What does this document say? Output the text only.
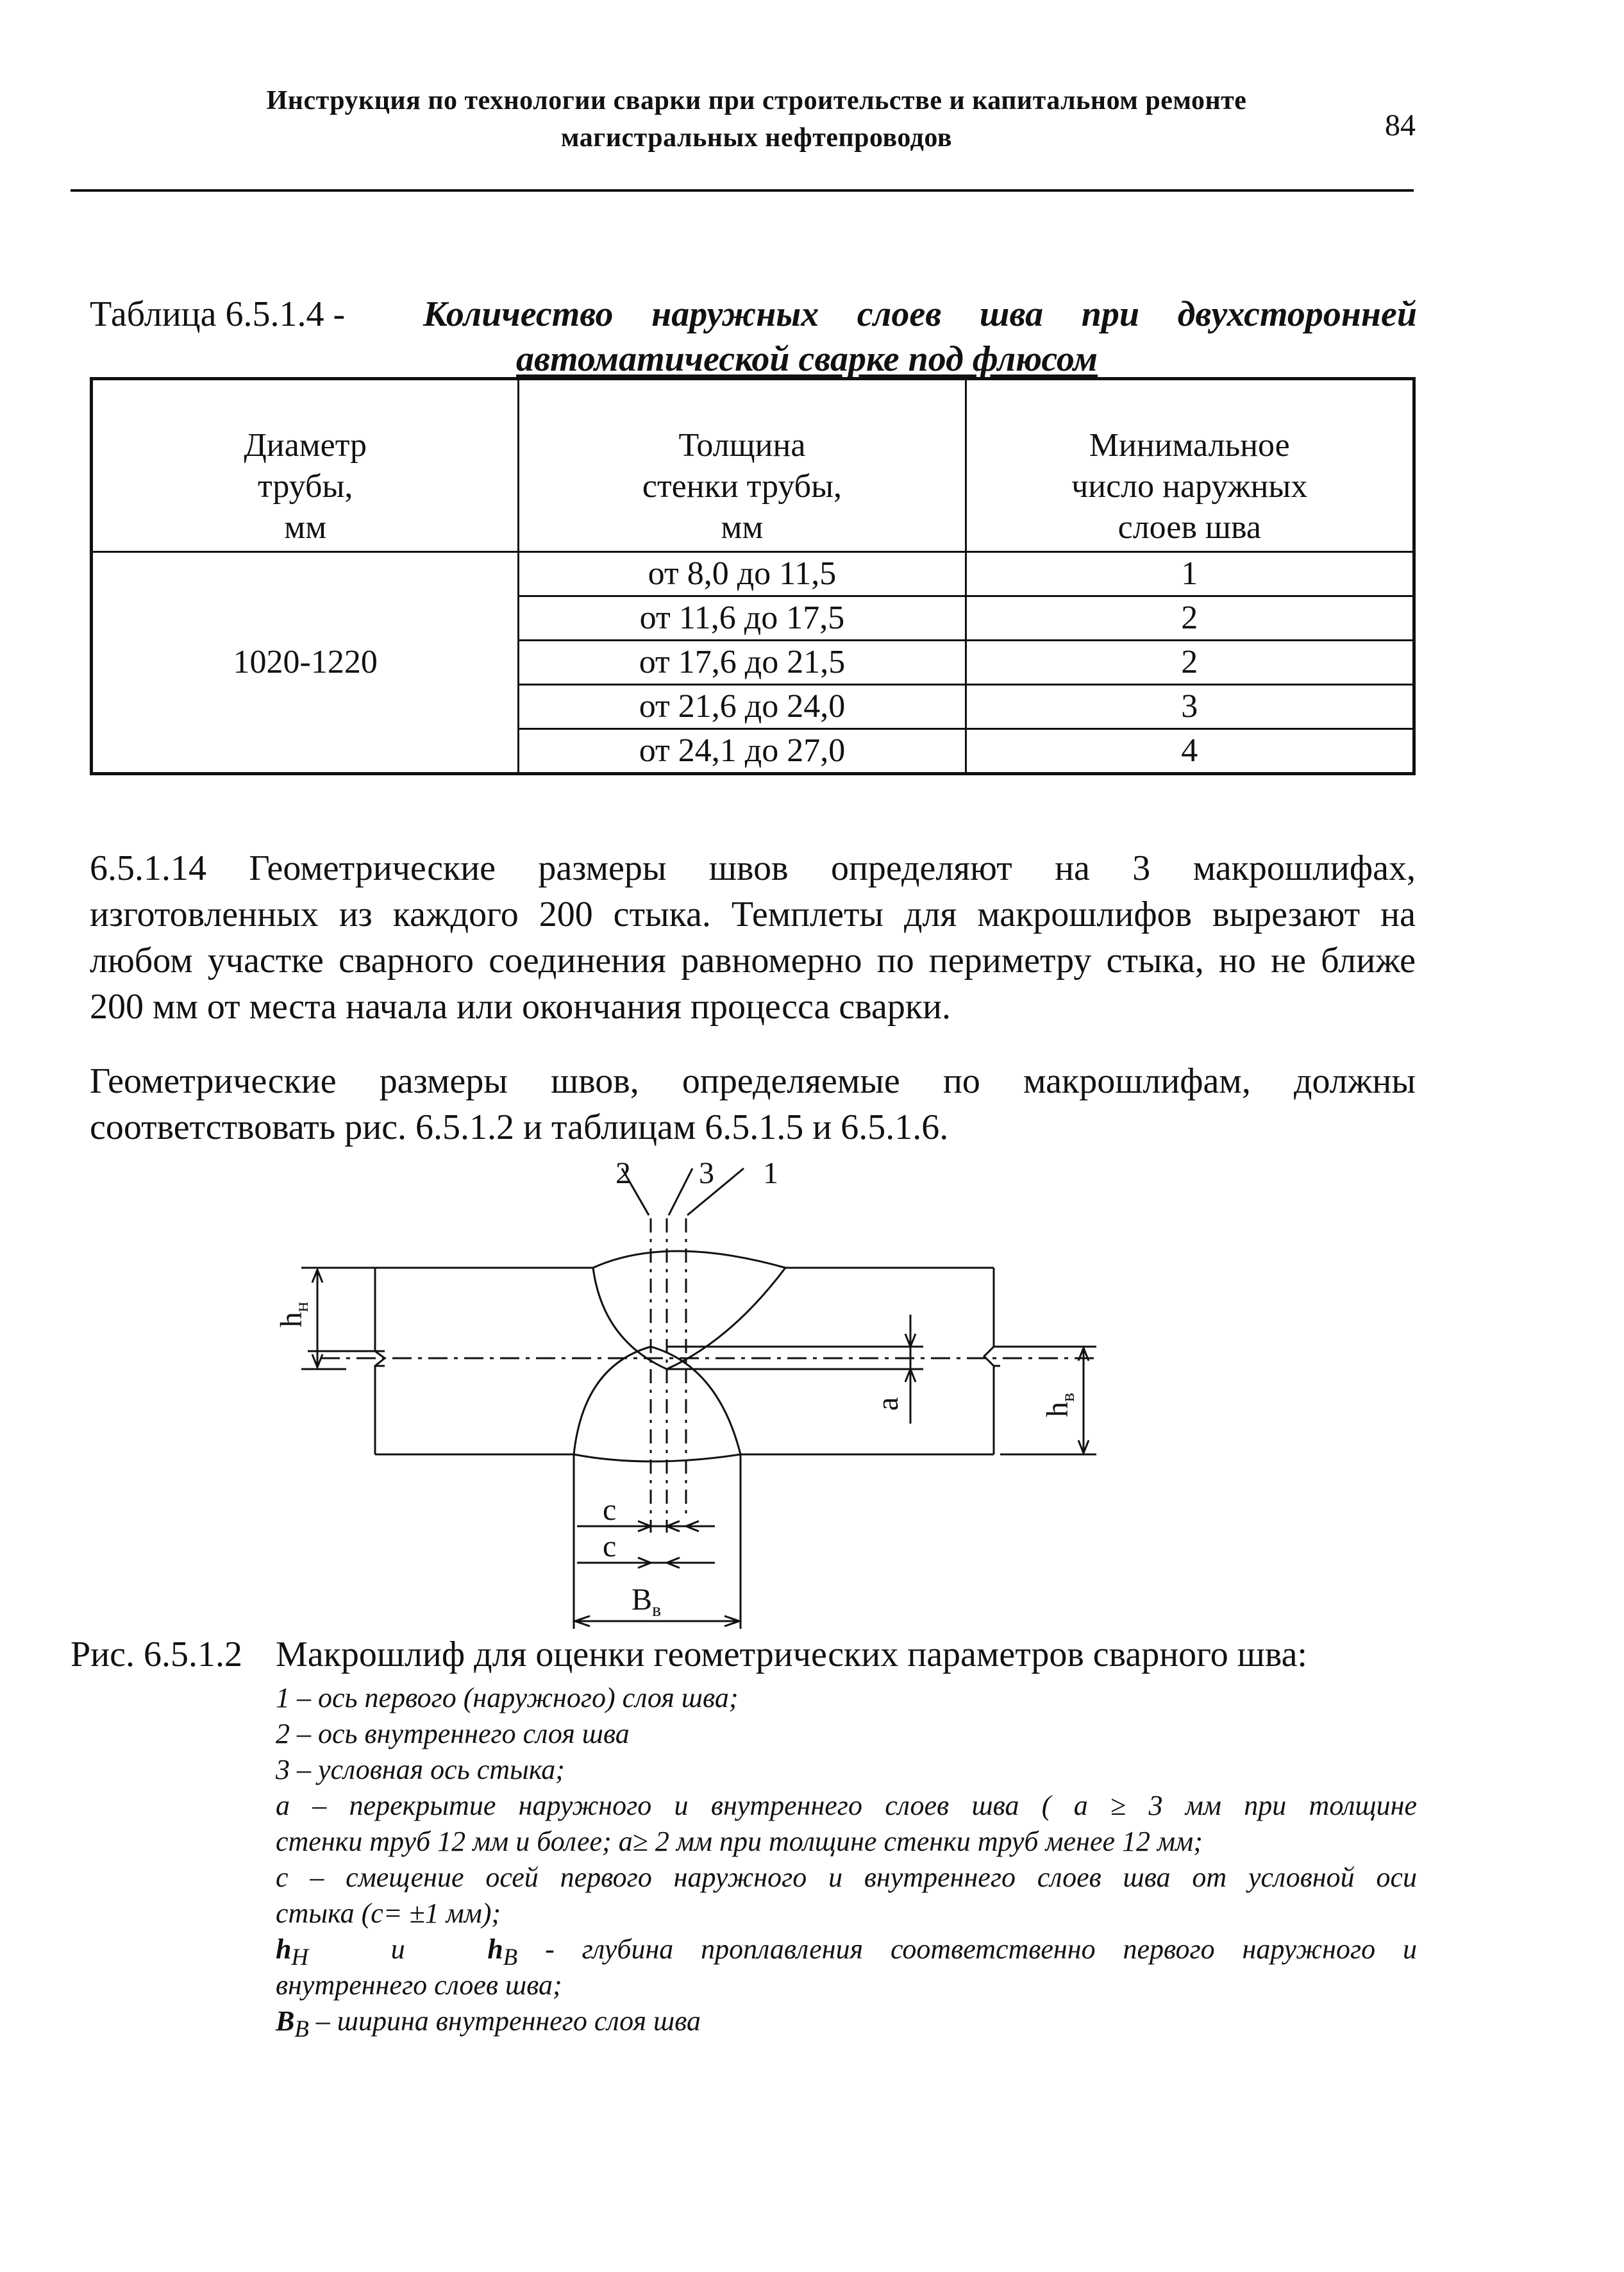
Инструкция по технологии сварки при строительстве и капитальном ремонте
магистральных нефтепроводов	84
Таблица 6.5.1.4 - Количество наружных слоев шва при двухсторонней
автоматической сварке под флюсом
Диаметр
трубы,
мм	Толщина
стенки трубы,
мм	Минимальное
число наружных
слоев шва

1020-1220	от 8,0 до 11,5	1
	от 11,6 до 17,5	2
	от 17,6 до 21,5	2
	от 21,6 до 24,0	3
	от 24,1 до 27,0	4
6.5.1.14 Геометрические размеры швов определяют на 3 макрошлифах, изготовленных из каждого 200 стыка. Темплеты для макрошлифов вырезают на любом участке сварного соединения равномерно по периметру стыка, но не ближе 200 мм от места начала или окончания процесса сварки.
Геометрические размеры швов, определяемые по макрошлифам, должны соответствовать рис. 6.5.1.2 и таблицам 6.5.1.5 и 6.5.1.6.
2 3 1
c
c
$B_в$
$h_н$
a	$h_в$
Рис. 6.5.1.2 Макрошлиф для оценки геометрических параметров сварного шва:
1 – ось первого (наружного) слоя шва;
2 – ось внутреннего слоя шва
3 – условная ось стыка;
а – перекрытие наружного и внутреннего слоев шва ( а ≥ 3 мм при толщине
стенки труб 12 мм и более; а≥ 2 мм при толщине стенки труб менее 12 мм;
с – смещение осей первого наружного и внутреннего слоев шва от условной оси
стыка (с= ±1 мм);
$h_Н$	и	$h_В$ - глубина проплавления соответственно первого наружного и
внутреннего слоев шва;
$В_В$ – ширина внутреннего слоя шва
